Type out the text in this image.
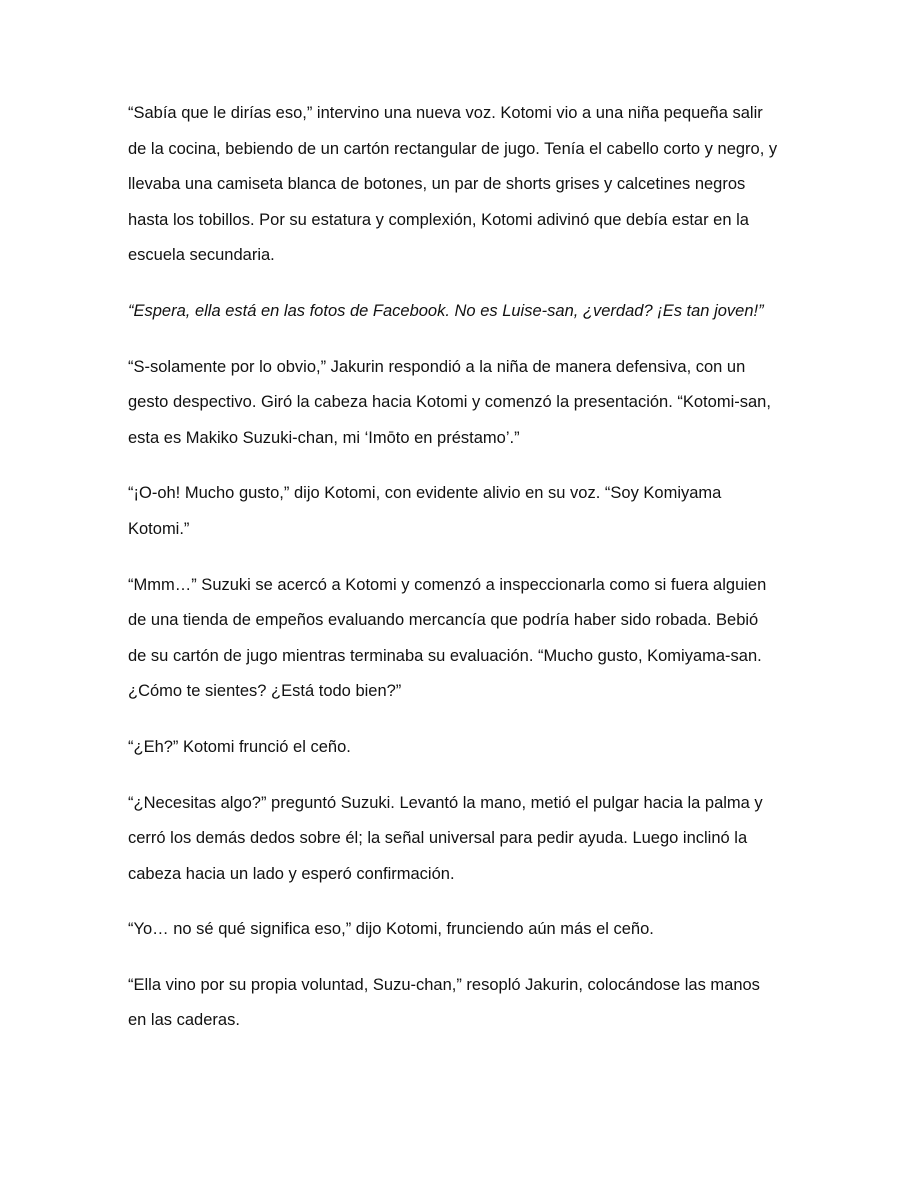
“Sabía que le dirías eso,” intervino una nueva voz. Kotomi vio a una niña pequeña salir de la cocina, bebiendo de un cartón rectangular de jugo. Tenía el cabello corto y negro, y llevaba una camiseta blanca de botones, un par de shorts grises y calcetines negros hasta los tobillos. Por su estatura y complexión, Kotomi adivinó que debía estar en la escuela secundaria.

“Espera, ella está en las fotos de Facebook. No es Luise-san, ¿verdad? ¡Es tan joven!”

“S-solamente por lo obvio,” Jakurin respondió a la niña de manera defensiva, con un gesto despectivo. Giró la cabeza hacia Kotomi y comenzó la presentación. “Kotomi-san, esta es Makiko Suzuki-chan, mi ‘Imōto en préstamo’.”

“¡O-oh! Mucho gusto,” dijo Kotomi, con evidente alivio en su voz. “Soy Komiyama Kotomi.”

“Mmm…” Suzuki se acercó a Kotomi y comenzó a inspeccionarla como si fuera alguien de una tienda de empeños evaluando mercancía que podría haber sido robada. Bebió de su cartón de jugo mientras terminaba su evaluación. “Mucho gusto, Komiyama-san. ¿Cómo te sientes? ¿Está todo bien?”

“¿Eh?” Kotomi frunció el ceño.

“¿Necesitas algo?” preguntó Suzuki. Levantó la mano, metió el pulgar hacia la palma y cerró los demás dedos sobre él; la señal universal para pedir ayuda. Luego inclinó la cabeza hacia un lado y esperó confirmación.

“Yo… no sé qué significa eso,” dijo Kotomi, frunciendo aún más el ceño.

“Ella vino por su propia voluntad, Suzu-chan,” resopló Jakurin, colocándose las manos en las caderas.
